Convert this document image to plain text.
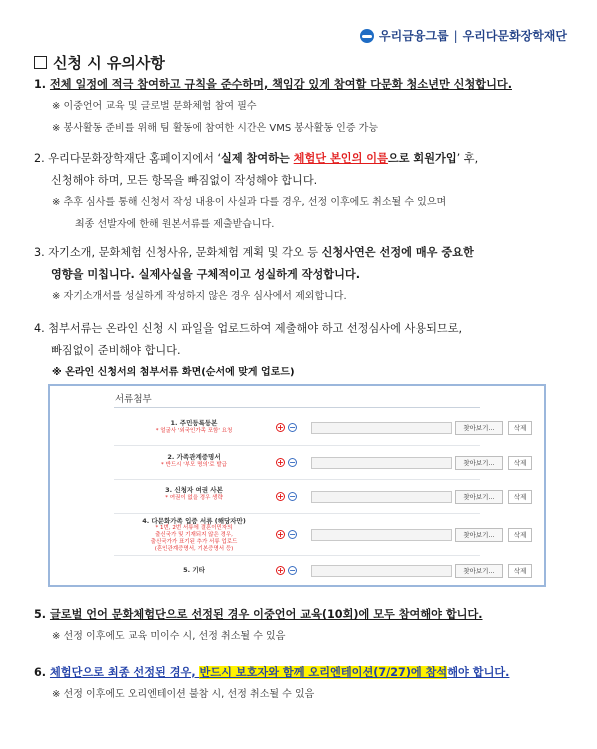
우리금융그룹 | 우리다문화장학재단
신청 시 유의사항
1. 전체 일정에 적극 참여하고 규칙을 준수하며, 책임감 있게 참여할 다문화 청소년만 신청합니다.
※ 이중언어 교육 및 글로벌 문화체험 참여 필수
※ 봉사활동 준비를 위해 팀 활동에 참여한 시간은 VMS 봉사활동 인증 가능
2. 우리다문화장학재단 홈페이지에서 ‘실제 참여하는 체험단 본인의 이름으로 회원가입’ 후,
신청해야 하며, 모든 항목을 빠짐없이 작성해야 합니다.
※ 추후 심사를 통해 신청서 작성 내용이 사실과 다를 경우, 선정 이후에도 취소될 수 있으며
최종 선발자에 한해 원본서류를 제출받습니다.
3. 자기소개, 문화체험 신청사유, 문화체험 계획 및 각오 등 신청사연은 선정에 매우 중요한
영향을 미칩니다. 실제사실을 구체적이고 성실하게 작성합니다.
※ 자기소개서를 성실하게 작성하지 않은 경우 심사에서 제외합니다.
4. 첨부서류는 온라인 신청 시 파일을 업로드하여 제출해야 하고 선정심사에 사용되므로,
빠짐없이 준비해야 합니다.
※ 온라인 신청서의 첨부서류 화면(순서에 맞게 업로드)
서류첨부
1. 주민등록등본
* 얼굴사 '외국인가족 포함' 요청	+ −	찾아보기...	삭제
2. 가족관계증명서
* 반드시 '부모 명의'로 발급	+ −	찾아보기...	삭제
3. 신청자 여권 사본
* 여권이 없을 경우 생략	+ −	찾아보기...	삭제
4. 다문화가족 입증 서류 (해당자만)
* 1번, 2번 서류에 결혼이민자의
출신국가 및 기재되지 않은 경우,
출신국가가 표기된 추가 서류 업로드
(혼인관계증명서, 기본증명서 등)
+ −	찾아보기...	삭제
5. 기타	+ −	찾아보기...	삭제
5. 글로벌 언어 문화체험단으로 선정된 경우 이중언어 교육(10회)에 모두 참여해야 합니다.
※ 선정 이후에도 교육 미이수 시, 선정 취소될 수 있음
6. 체험단으로 최종 선정된 경우, 반드시 보호자와 함께 오리엔테이션(7/27)에 참석해야 합니다.
※ 선정 이후에도 오리엔테이션 불참 시, 선정 취소될 수 있음
